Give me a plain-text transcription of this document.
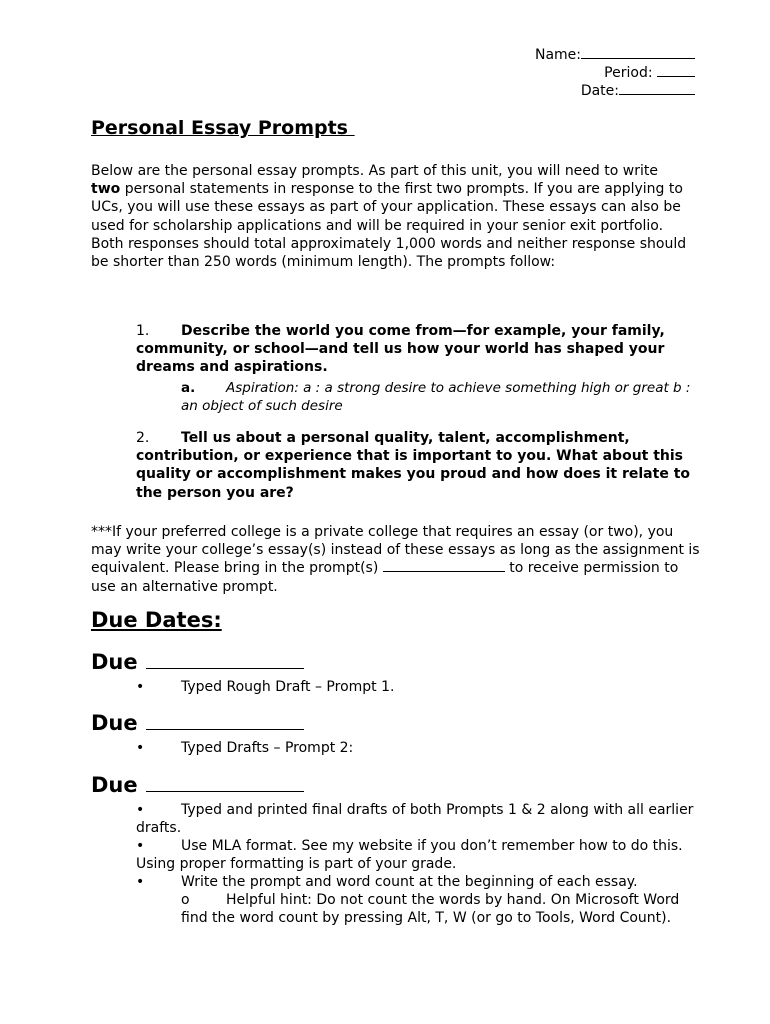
Name:
Period:
Date:
Personal Essay Prompts
Below are the personal essay prompts. As part of this unit, you will need to write two personal statements in response to the first two prompts. If you are applying to UCs, you will use these essays as part of your application. These essays can also be used for scholarship applications and will be required in your senior exit portfolio. Both responses should total approximately 1,000 words and neither response should be shorter than 250 words (minimum length). The prompts follow:
1. Describe the world you come from—for example, your family, community, or school—and tell us how your world has shaped your dreams and aspirations.
a. Aspiration: a : a strong desire to achieve something high or great b : an object of such desire
2. Tell us about a personal quality, talent, accomplishment, contribution, or experience that is important to you. What about this quality or accomplishment makes you proud and how does it relate to the person you are?
***If your preferred college is a private college that requires an essay (or two), you may write your college’s essay(s) instead of these essays as long as the assignment is equivalent. Please bring in the prompt(s)	to receive permission to use an alternative prompt.
Due Dates:
Due
•	Typed Rough Draft – Prompt 1.
Due
•	Typed Drafts – Prompt 2:
Due
•	Typed and printed final drafts of both Prompts 1 & 2 along with all earlier drafts.
•	Use MLA format. See my website if you don’t remember how to do this. Using proper formatting is part of your grade.
•	Write the prompt and word count at the beginning of each essay.
o	Helpful hint: Do not count the words by hand. On Microsoft Word find the word count by pressing Alt, T, W (or go to Tools, Word Count).
